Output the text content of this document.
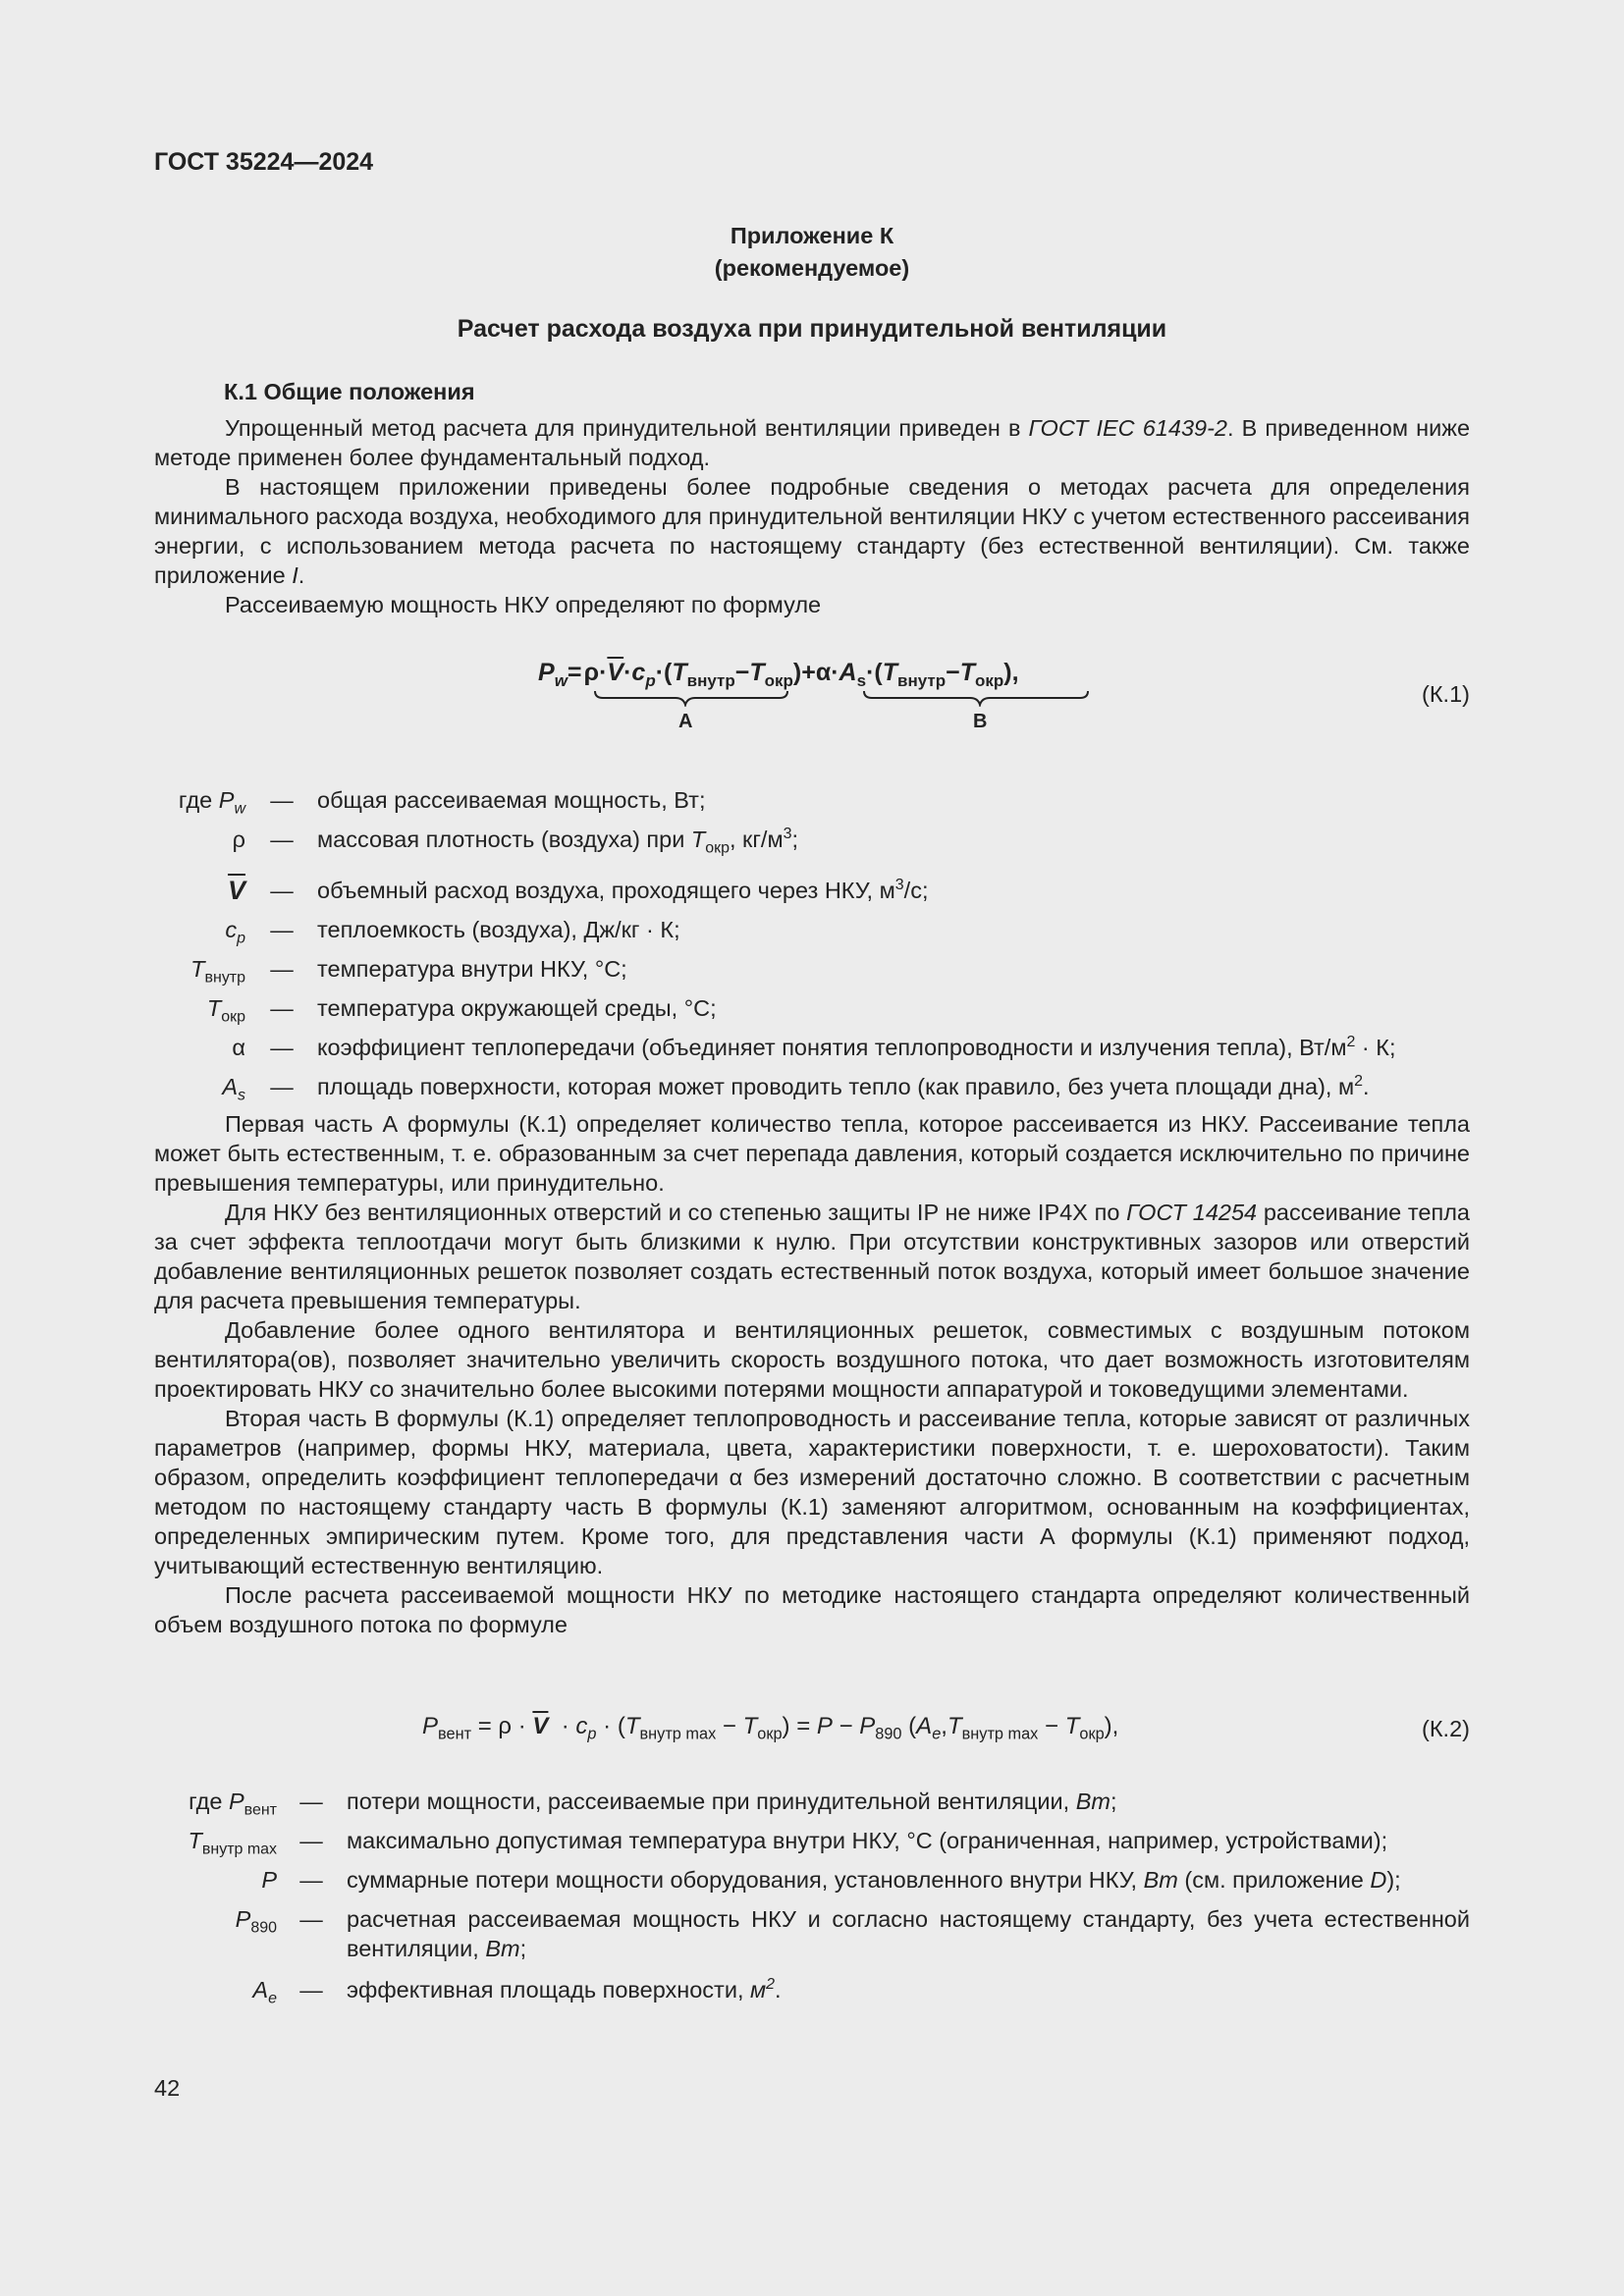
ГОСТ 35224—2024
Приложение К
(рекомендуемое)
Расчет расхода воздуха при принудительной вентиляции
К.1 Общие положения

Упрощенный метод расчета для принудительной вентиляции приведен в ГОСТ IEC 61439-2. В приведенном ниже методе применен более фундаментальный подход.

В настоящем приложении приведены более подробные сведения о методах расчета для определения минимального расхода воздуха, необходимого для принудительной вентиляции НКУ с учетом естественного рассеивания энергии, с использованием метода расчета по настоящему стандарту (без естественной вентиляции). См. также приложение I.

Рассеиваемую мощность НКУ определяют по формуле

$P_w=$ $\rho\cdot\overline{V}\cdot c_p\cdot(T_{внутр}-T_{окр})+\alpha\cdot A_s\cdot(T_{внутр}-T_{окр})$,
A	B
(К.1)
где $P_w$	—	общая рассеиваемая мощность, Вт;
ρ	—	массовая плотность (воздуха) при $T_{окр}$, $кг/м^3$;
$\overline{V}$	—	объемный расход воздуха, проходящего через НКУ, $м^3/с$;
$c_p$	—	теплоемкость (воздуха), Дж/кг · К;
$T_{внутр}$	—	температура внутри НКУ, °C;
$T_{окр}$	—	температура окружающей среды, °C;
α	—	коэффициент теплопередачи (объединяет понятия теплопроводности и излучения тепла), $Вт/м^2 \cdot К$;
$A_s$	—	площадь поверхности, которая может проводить тепло (как правило, без учета площади дна), $м^2$.

Первая часть А формулы (К.1) определяет количество тепла, которое рассеивается из НКУ. Рассеивание тепла может быть естественным, т. е. образованным за счет перепада давления, который создается исключительно по причине превышения температуры, или принудительно.

Для НКУ без вентиляционных отверстий и со степенью защиты IP не ниже IP4X по ГОСТ 14254 рассеивание тепла за счет эффекта теплоотдачи могут быть близкими к нулю. При отсутствии конструктивных зазоров или отверстий добавление вентиляционных решеток позволяет создать естественный поток воздуха, который имеет большое значение для расчета превышения температуры.

Добавление более одного вентилятора и вентиляционных решеток, совместимых с воздушным потоком вентилятора(ов), позволяет значительно увеличить скорость воздушного потока, что дает возможность изготовителям проектировать НКУ со значительно более высокими потерями мощности аппаратурой и токоведущими элементами.

Вторая часть В формулы (К.1) определяет теплопроводность и рассеивание тепла, которые зависят от различных параметров (например, формы НКУ, материала, цвета, характеристики поверхности, т. е. шероховатости). Таким образом, определить коэффициент теплопередачи α без измерений достаточно сложно. В соответствии с расчетным методом по настоящему стандарту часть В формулы (К.1) заменяют алгоритмом, основанным на коэффициентах, определенных эмпирическим путем. Кроме того, для представления части А формулы (К.1) применяют подход, учитывающий естественную вентиляцию.

После расчета рассеиваемой мощности НКУ по методике настоящего стандарта определяют количественный объем воздушного потока по формуле

$P_{вент} = \rho \cdot \overline{V} \cdot c_p \cdot (T_{внутр max} - T_{окр}) = P - P_{890}$ $(A_e,T_{внутр max} - T_{окр})$,	(К.2)
где $P_{вент}$ —	потери мощности, рассеиваемые при принудительной вентиляции, Вт;
$T_{внутр max}$ —	максимально допустимая температура внутри НКУ, °C (ограниченная, например, устройствами);
P —	суммарные потери мощности оборудования, установленного внутри НКУ, Вт (см. приложение D);
$P_{890}$ —	расчетная рассеиваемая мощность НКУ и согласно настоящему стандарту, без учета естественной вентиляции, Вт;
$A_e$ —	эффективная площадь поверхности, $м^2$.
42
